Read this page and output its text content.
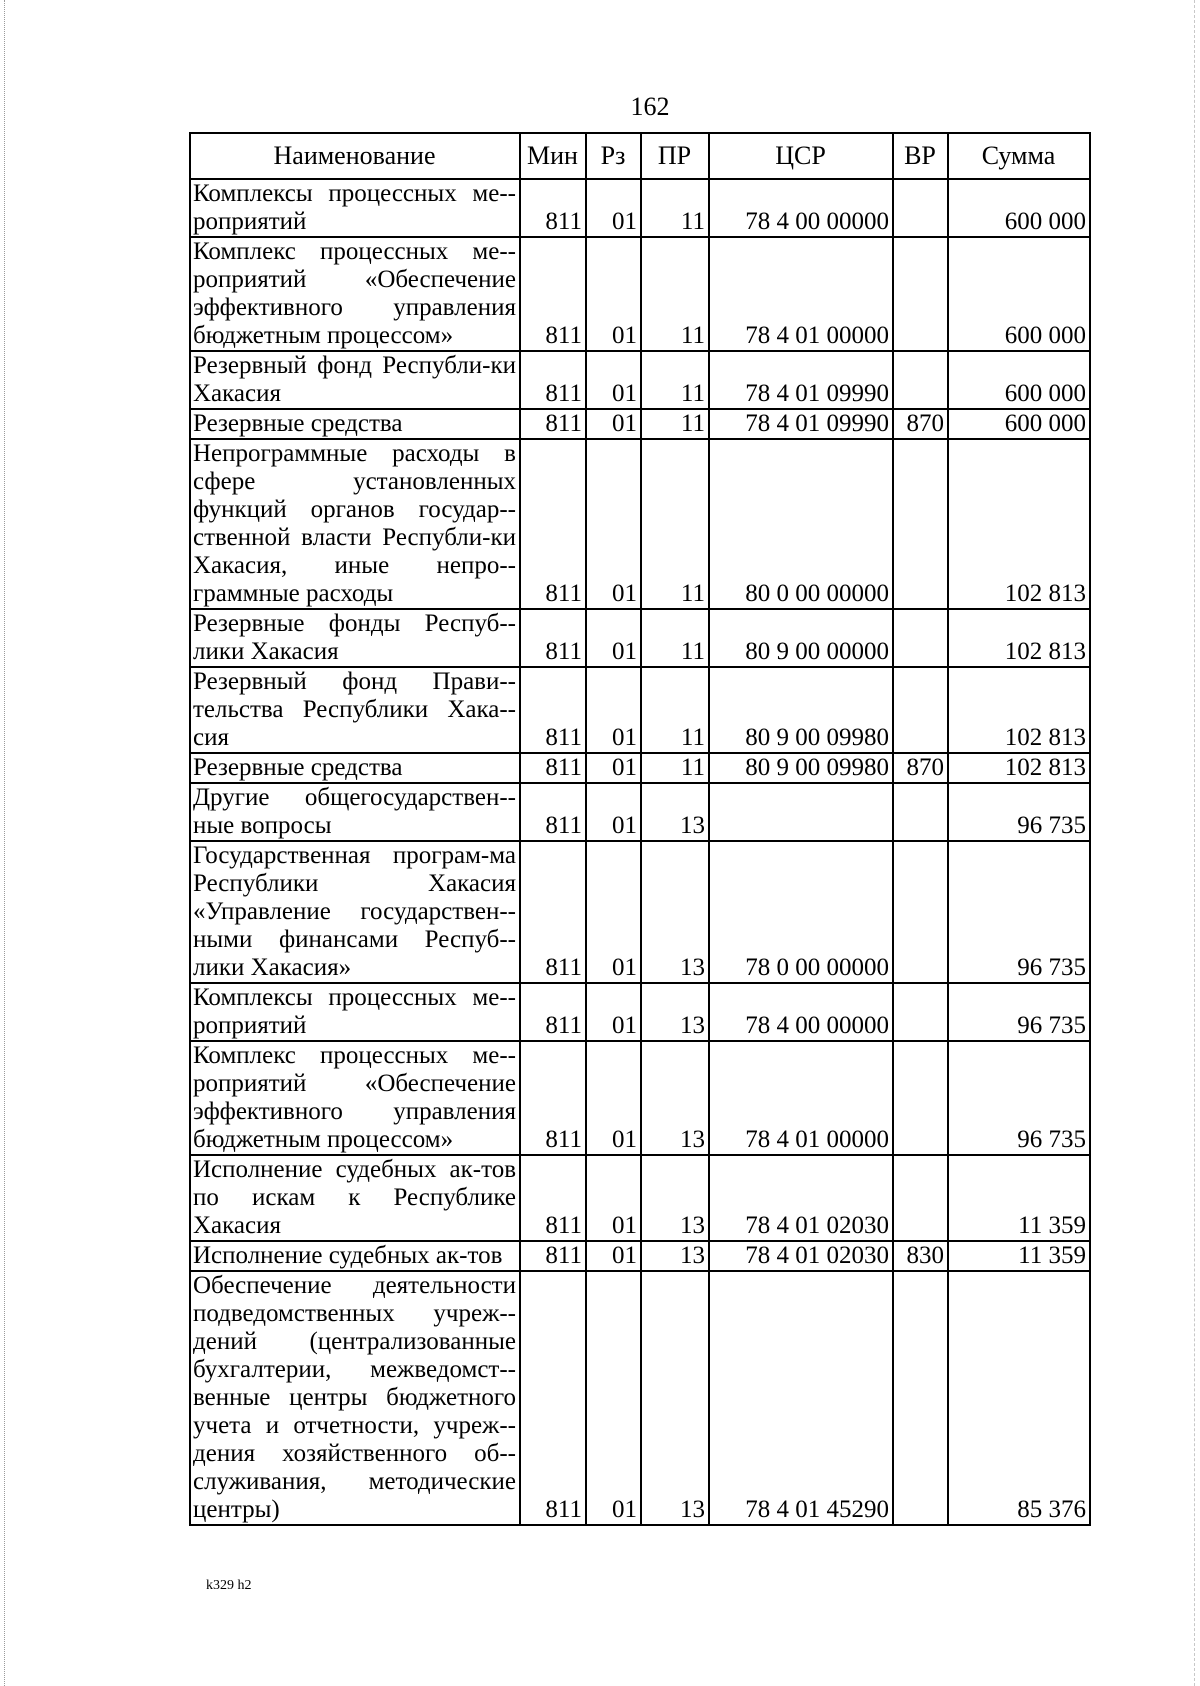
162
Наименование	Мин	Рз	ПР	ЦСР	ВР	Сумма
Комплексы процессных ме-роприятий	811	01	11	78 4 00 00000		600 000
Комплекс процессных ме-роприятий «Обеспечение эффективного управления бюджетным процессом»	811	01	11	78 4 01 00000		600 000
Резервный фонд Республи-ки Хакасия	811	01	11	78 4 01 09990		600 000
Резервные средства	811	01	11	78 4 01 09990	870	600 000
Непрограммные расходы в сфере установленных функций органов государ-ственной власти Республи-ки Хакасия, иные непро-граммные расходы	811	01	11	80 0 00 00000		102 813
Резервные фонды Респуб-лики Хакасия	811	01	11	80 9 00 00000		102 813
Резервный фонд Прави-тельства Республики Хака-сия	811	01	11	80 9 00 09980		102 813
Резервные средства	811	01	11	80 9 00 09980	870	102 813
Другие общегосударствен-ные вопросы	811	01	13			96 735
Государственная програм-ма Республики Хакасия «Управление государствен-ными финансами Респуб-лики Хакасия»	811	01	13	78 0 00 00000		96 735
Комплексы процессных ме-роприятий	811	01	13	78 4 00 00000		96 735
Комплекс процессных ме-роприятий «Обеспечение эффективного управления бюджетным процессом»	811	01	13	78 4 01 00000		96 735
Исполнение судебных ак-тов по искам к Республике Хакасия	811	01	13	78 4 01 02030		11 359
Исполнение судебных ак-тов	811	01	13	78 4 01 02030	830	11 359
Обеспечение деятельности подведомственных учреж-дений (централизованные бухгалтерии, межведомст-венные центры бюджетного учета и отчетности, учреж-дения хозяйственного об-служивания, методические центры)	811	01	13	78 4 01 45290		85 376
k329 h2
